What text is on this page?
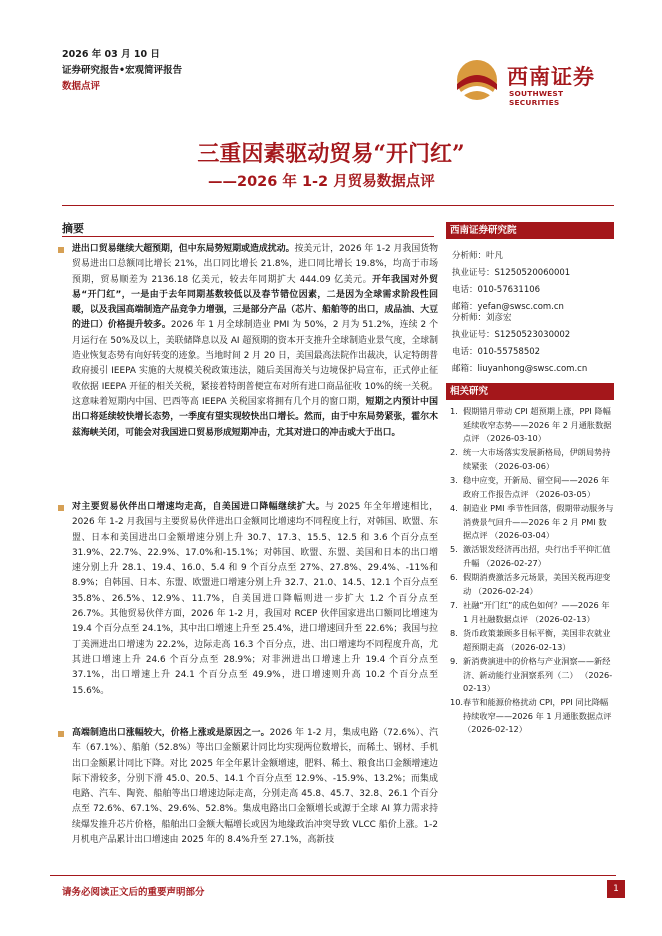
2026 年 03 月 10 日
证券研究报告•宏观简评报告
数据点评	西南证券
SOUTHWEST SECURITIES
三重因素驱动贸易“开门红”
——2026 年 1-2 月贸易数据点评
摘要
进出口贸易继续大超预期，但中东局势短期或造成扰动。按美元计，2026 年 1-2 月我国货物贸易进出口总额同比增长 21%，出口同比增长 21.8%，进口同比增长 19.8%，均高于市场预期，贸易顺差为 2136.18 亿美元，较去年同期扩大 444.09 亿美元。开年我国对外贸易“开门红”，一是由于去年同期基数较低以及春节错位因素，二是因为全球需求阶段性回暖，以及我国高端制造产品竞争力增强，三是部分产品（芯片、船舶等的出口，成品油、大豆的进口）价格提升较多。2026 年 1 月全球制造业 PMI 为 50%，2 月为 51.2%，连续 2 个月运行在 50%及以上，美联储降息以及 AI 超预期的资本开支推升全球制造业景气度，全球制造业恢复态势有向好转变的迹象。当地时间 2 月 20 日，美国最高法院作出裁决，认定特朗普政府援引 IEEPA 实施的大规模关税政策违法，随后美国海关与边境保护局宣布，正式停止征收依据 IEEPA 开征的相关关税，紧接着特朗普便宣布对所有进口商品征收 10%的统一关税。这意味着短期内中国、巴西等高 IEEPA 关税国家将拥有几个月的窗口期，短期之内预计中国出口将延续较快增长态势，一季度有望实现较快出口增长。然而，由于中东局势紧张，霍尔木兹海峡关闭，可能会对我国进口贸易形成短期冲击，尤其对进口的冲击或大于出口。
对主要贸易伙伴出口增速均走高，自美国进口降幅继续扩大。与 2025 年全年增速相比，2026 年 1-2 月我国与主要贸易伙伴进出口金额同比增速均不同程度上行，对韩国、欧盟、东盟、日本和美国进出口金额增速分别上升 30.7、17.3、15.5、12.5 和 3.6 个百分点至 31.9%、22.7%、22.9%、17.0%和-15.1%；对韩国、欧盟、东盟、美国和日本的出口增速分别上升 28.1、19.4、16.0、5.4 和 9 个百分点至 27%、27.8%、29.4%、-11%和 8.9%；自韩国、日本、东盟、欧盟进口增速分别上升 32.7、21.0、14.5、12.1 个百分点至 35.8%、26.5%、12.9%、11.7%，自美国进口降幅则进一步扩大 1.2 个百分点至 26.7%。其他贸易伙伴方面，2026 年 1-2 月，我国对 RCEP 伙伴国家进出口额同比增速为 19.4 个百分点至 24.1%，其中出口增速上升至 25.4%，进口增速回升至 22.6%；我国与拉丁美洲进出口增速为 22.2%，边际走高 16.3 个百分点，进、出口增速均不同程度升高，尤其进口增速上升 24.6 个百分点至 28.9%；对非洲进出口增速上升 19.4 个百分点至 37.1%，出口增速上升 24.1 个百分点至 49.9%，进口增速则升高 10.2 个百分点至 15.6%。
高端制造出口涨幅较大，价格上涨或是原因之一。2026 年 1-2 月，集成电路（72.6%）、汽车（67.1%）、船舶（52.8%）等出口金额累计同比均实现两位数增长，而稀土、钢材、手机出口金额累计同比下降。对比 2025 年全年累计金额增速，肥料、稀土、粮食出口金额增速边际下滑较多，分别下滑 45.0、20.5、14.1 个百分点至 12.9%、-15.9%、13.2%；而集成电路、汽车、陶瓷、船舶等出口增速边际走高，分别走高 45.8、45.7、32.8、26.1 个百分点至 72.6%、67.1%、29.6%、52.8%。集成电路出口金额增长或源于全球 AI 算力需求持续爆发推升芯片价格，船舶出口金额大幅增长或因为地缘政治冲突导致 VLCC 船价上涨。1-2 月机电产品累计出口增速由 2025 年的 8.4%升至 27.1%，高新技
西南证券研究院
分析师：叶凡
执业证号：S1250520060001
电话：010-57631106
邮箱：yefan@swsc.com.cn
分析师：刘彦宏
执业证号：S1250523030002
电话：010-55758502
邮箱：liuyanhong@swsc.com.cn
相关研究
1. 假期错月带动 CPI 超预期上涨，PPI 降幅延续收窄态势——2026 年 2 月通胀数据点评 （2026-03-10）
2. 统一大市场落实发展新格局，伊朗局势持续紧张 （2026-03-06）
3. 稳中应变，开新局、留空间——2026 年政府工作报告点评 （2026-03-05）
4. 制造业 PMI 季节性回落，假期带动服务与消费景气回升——2026 年 2 月 PMI 数据点评 （2026-03-04）
5. 激活银发经济再出招，央行出手平抑汇值升幅 （2026-02-27）
6. 假期消费激活多元场景，美国关税再迎变动 （2026-02-24）
7. 社融“开门红”的成色如何？——2026 年 1 月社融数据点评 （2026-02-13）
8. 货币政策兼顾多目标平衡，美国非农就业超预期走高 （2026-02-13）
9. 新消费演进中的价格与产业洞察——新经济、新动能行业洞察系列（二） （2026-02-13）
10. 春节和能源价格扰动 CPI，PPI 同比降幅持续收窄——2026 年 1 月通胀数据点评 （2026-02-12）
请务必阅读正文后的重要声明部分	1
